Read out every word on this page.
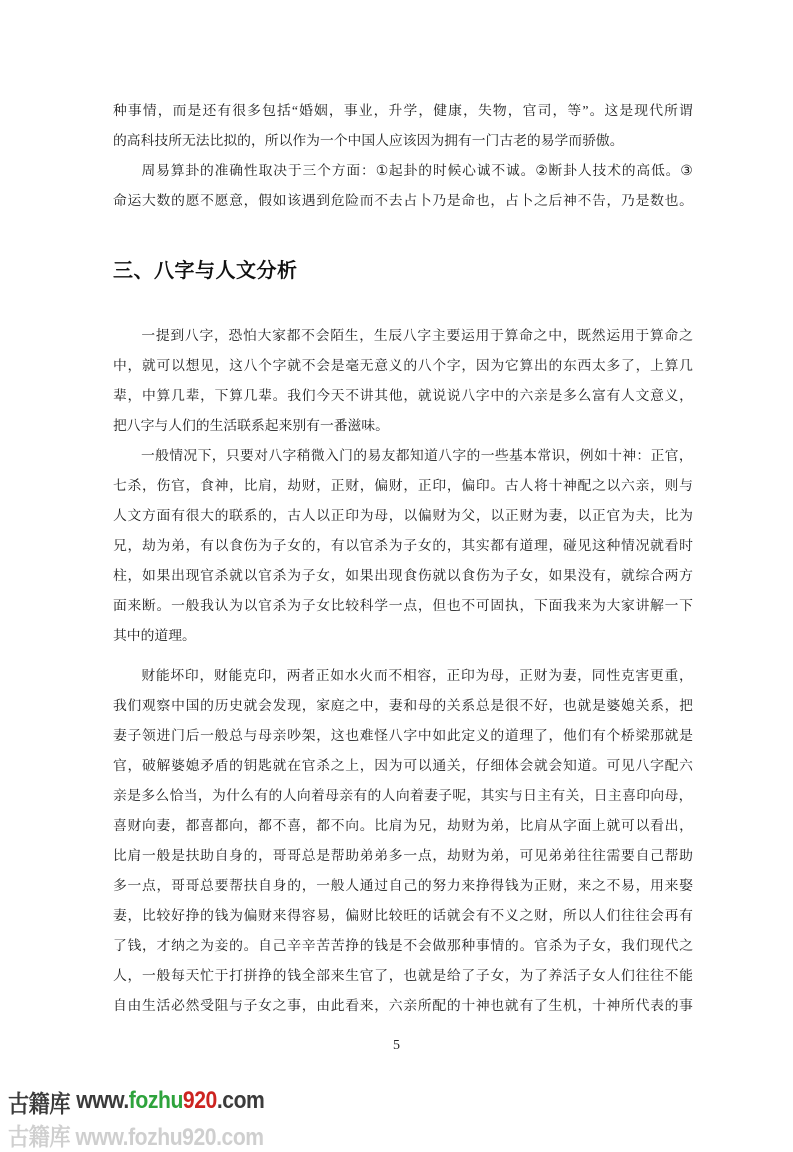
种 事 情 ， 而 是 还 有 很 多 包 括 “ 婚 姻 ， 事 业 ， 升 学 ， 健 康 ， 失 物 ， 官 司 ， 等 ” 。 这 是 现 代 所 谓
的 高 科 技 所 无 法 比 拟 的 ， 所 以 作 为 一 个 中 国 人 应 该 因 为 拥 有 一 门 古 老 的 易 学 而 骄 傲 。
周 易 算 卦 的 准 确 性 取 决 于 三 个 方 面 ： ① 起 卦 的 时 候 心 诚 不 诚 。 ② 断 卦 人 技 术 的 高 低 。 ③
命 运 大 数 的 愿 不 愿 意 ， 假 如 该 遇 到 危 险 而 不 去 占 卜 乃 是 命 也 ， 占 卜 之 后 神 不 告 ， 乃 是 数 也 。
三、八字与人文分析
一 提 到 八 字 ， 恐 怕 大 家 都 不 会 陌 生 ， 生 辰 八 字 主 要 运 用 于 算 命 之 中 ， 既 然 运 用 于 算 命 之
中 ， 就 可 以 想 见 ， 这 八 个 字 就 不 会 是 毫 无 意 义 的 八 个 字 ， 因 为 它 算 出 的 东 西 太 多 了 ， 上 算 几
辈 ， 中 算 几 辈 ， 下 算 几 辈 。 我 们 今 天 不 讲 其 他 ， 就 说 说 八 字 中 的 六 亲 是 多 么 富 有 人 文 意 义 ，
把 八 字 与 人 们 的 生 活 联 系 起 来 别 有 一 番 滋 味 。
一 般 情 况 下 ， 只 要 对 八 字 稍 微 入 门 的 易 友 都 知 道 八 字 的 一 些 基 本 常 识 ， 例 如 十 神 ： 正 官 ，
七 杀 ， 伤 官 ， 食 神 ， 比 肩 ， 劫 财 ， 正 财 ， 偏 财 ， 正 印 ， 偏 印 。 古 人 将 十 神 配 之 以 六 亲 ， 则 与
人 文 方 面 有 很 大 的 联 系 的 ， 古 人 以 正 印 为 母 ， 以 偏 财 为 父 ， 以 正 财 为 妻 ， 以 正 官 为 夫 ， 比 为
兄 ， 劫 为 弟 ， 有 以 食 伤 为 子 女 的 ， 有 以 官 杀 为 子 女 的 ， 其 实 都 有 道 理 ， 碰 见 这 种 情 况 就 看 时
柱 ， 如 果 出 现 官 杀 就 以 官 杀 为 子 女 ， 如 果 出 现 食 伤 就 以 食 伤 为 子 女 ， 如 果 没 有 ， 就 综 合 两 方
面 来 断 。 一 般 我 认 为 以 官 杀 为 子 女 比 较 科 学 一 点 ， 但 也 不 可 固 执 ， 下 面 我 来 为 大 家 讲 解 一 下
其 中 的 道 理 。
财 能 坏 印 ， 财 能 克 印 ， 两 者 正 如 水 火 而 不 相 容 ， 正 印 为 母 ， 正 财 为 妻 ， 同 性 克 害 更 重 ，
我 们 观 察 中 国 的 历 史 就 会 发 现 ， 家 庭 之 中 ， 妻 和 母 的 关 系 总 是 很 不 好 ， 也 就 是 婆 媳 关 系 ， 把
妻 子 领 进 门 后 一 般 总 与 母 亲 吵 架 ， 这 也 难 怪 八 字 中 如 此 定 义 的 道 理 了 ， 他 们 有 个 桥 梁 那 就 是
官 ， 破 解 婆 媳 矛 盾 的 钥 匙 就 在 官 杀 之 上 ， 因 为 可 以 通 关 ， 仔 细 体 会 就 会 知 道 。 可 见 八 字 配 六
亲 是 多 么 恰 当 ， 为 什 么 有 的 人 向 着 母 亲 有 的 人 向 着 妻 子 呢 ， 其 实 与 日 主 有 关 ， 日 主 喜 印 向 母 ，
喜 财 向 妻 ， 都 喜 都 向 ， 都 不 喜 ， 都 不 向 。 比 肩 为 兄 ， 劫 财 为 弟 ， 比 肩 从 字 面 上 就 可 以 看 出 ，
比 肩 一 般 是 扶 助 自 身 的 ， 哥 哥 总 是 帮 助 弟 弟 多 一 点 ， 劫 财 为 弟 ， 可 见 弟 弟 往 往 需 要 自 己 帮 助
多 一 点 ， 哥 哥 总 要 帮 扶 自 身 的 ， 一 般 人 通 过 自 己 的 努 力 来 挣 得 钱 为 正 财 ， 来 之 不 易 ， 用 来 娶
妻 ， 比 较 好 挣 的 钱 为 偏 财 来 得 容 易 ， 偏 财 比 较 旺 的 话 就 会 有 不 义 之 财 ， 所 以 人 们 往 往 会 再 有
了 钱 ， 才 纳 之 为 妾 的 。 自 己 辛 辛 苦 苦 挣 的 钱 是 不 会 做 那 种 事 情 的 。 官 杀 为 子 女 ， 我 们 现 代 之
人 ， 一 般 每 天 忙 于 打 拼 挣 的 钱 全 部 来 生 官 了 ， 也 就 是 给 了 子 女 ， 为 了 养 活 子 女 人 们 往 往 不 能
自 由 生 活 必 然 受 阻 与 子 女 之 事 ， 由 此 看 来 ， 六 亲 所 配 的 十 神 也 就 有 了 生 机 ， 十 神 所 代 表 的 事
5
古籍库 www. fozhu 920 .com
古籍库 www.fozhu920.com
